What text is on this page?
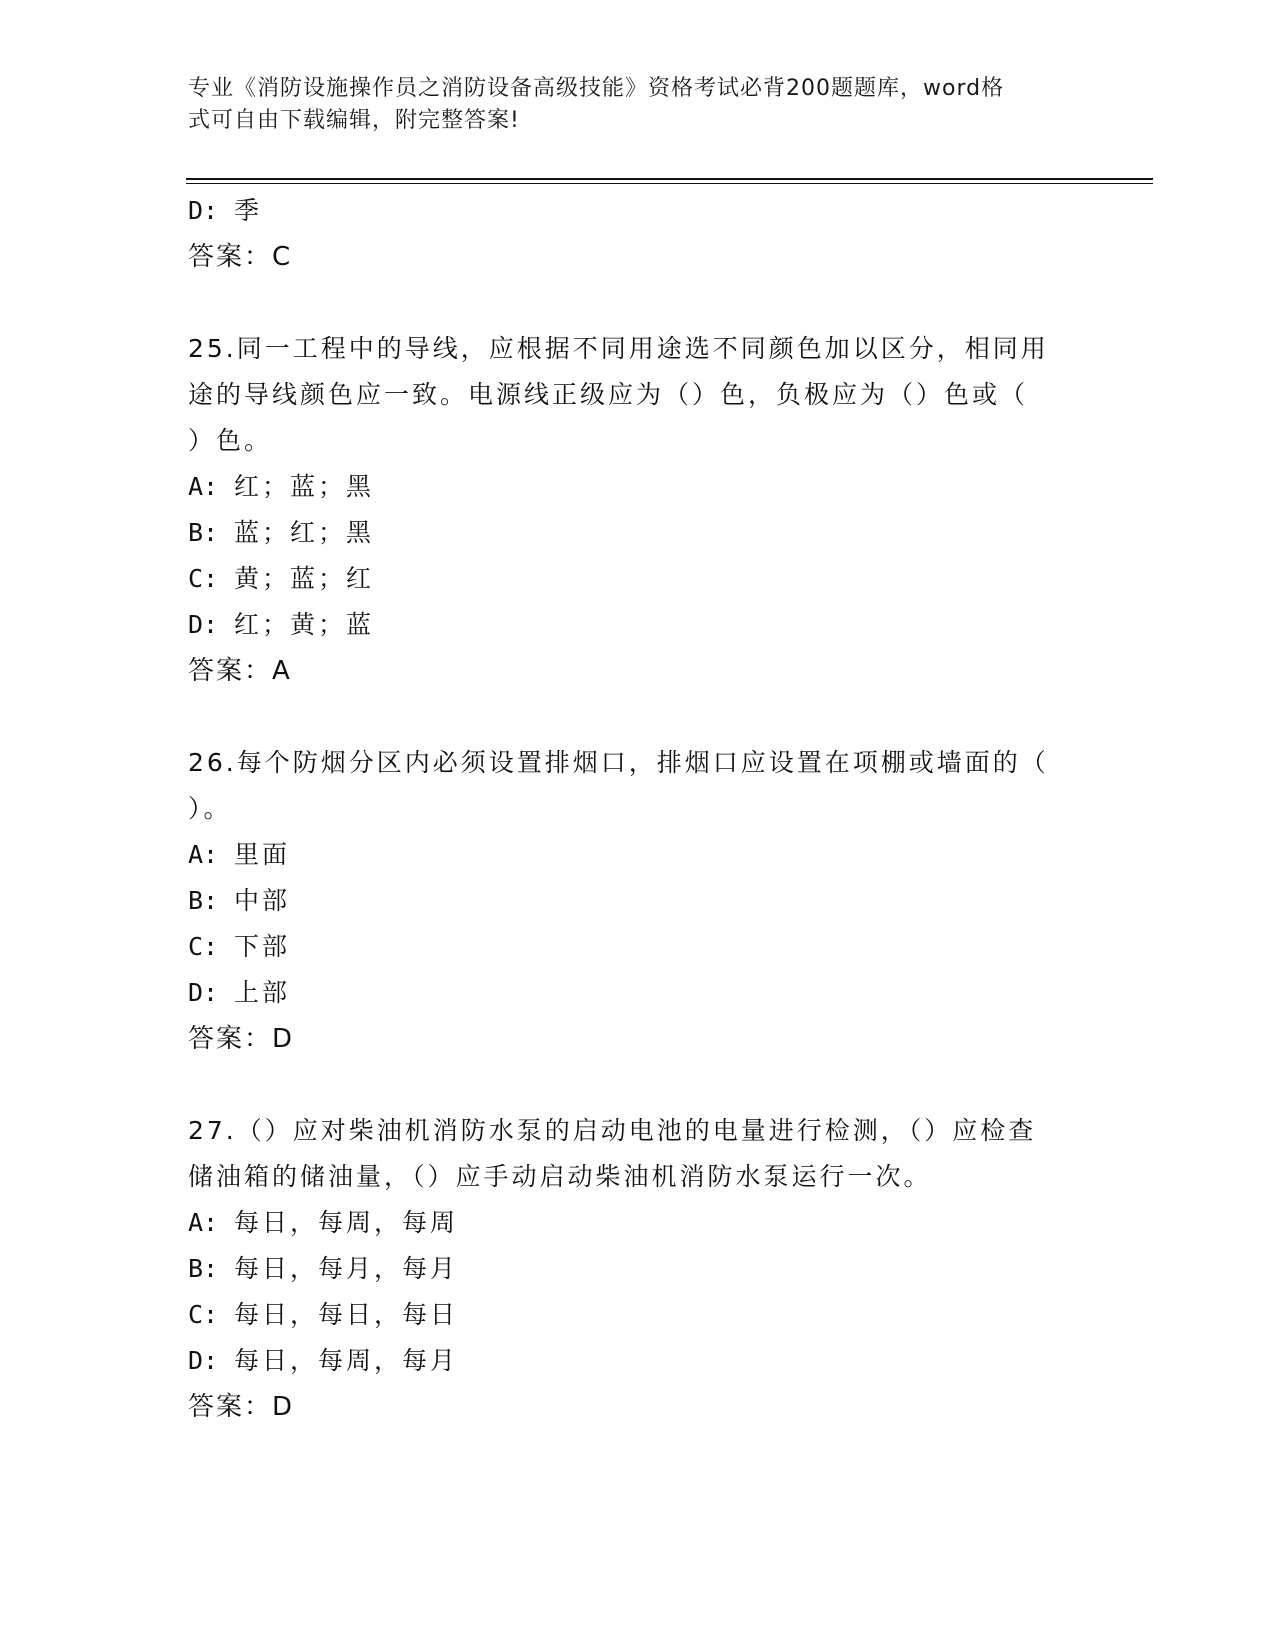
专业《消防设施操作员之消防设备高级技能》资格考试必背200题题库，word格
式可自由下载编辑，附完整答案!
D: 季
答案：C
25.同一工程中的导线，应根据不同用途选不同颜色加以区分，相同用
途的导线颜色应一致。电源线正级应为（）色，负极应为（）色或（
）色。
A: 红；蓝；黑
B: 蓝；红；黑
C: 黄；蓝；红
D: 红；黄；蓝
答案：A
26.每个防烟分区内必须设置排烟口，排烟口应设置在项棚或墙面的（
）。
A: 里面
B: 中部
C: 下部
D: 上部
答案：D
27.（）应对柴油机消防水泵的启动电池的电量进行检测，（）应检查
储油箱的储油量，（）应手动启动柴油机消防水泵运行一次。
A: 每日，每周，每周
B: 每日，每月，每月
C: 每日，每日，每日
D: 每日，每周，每月
答案：D
